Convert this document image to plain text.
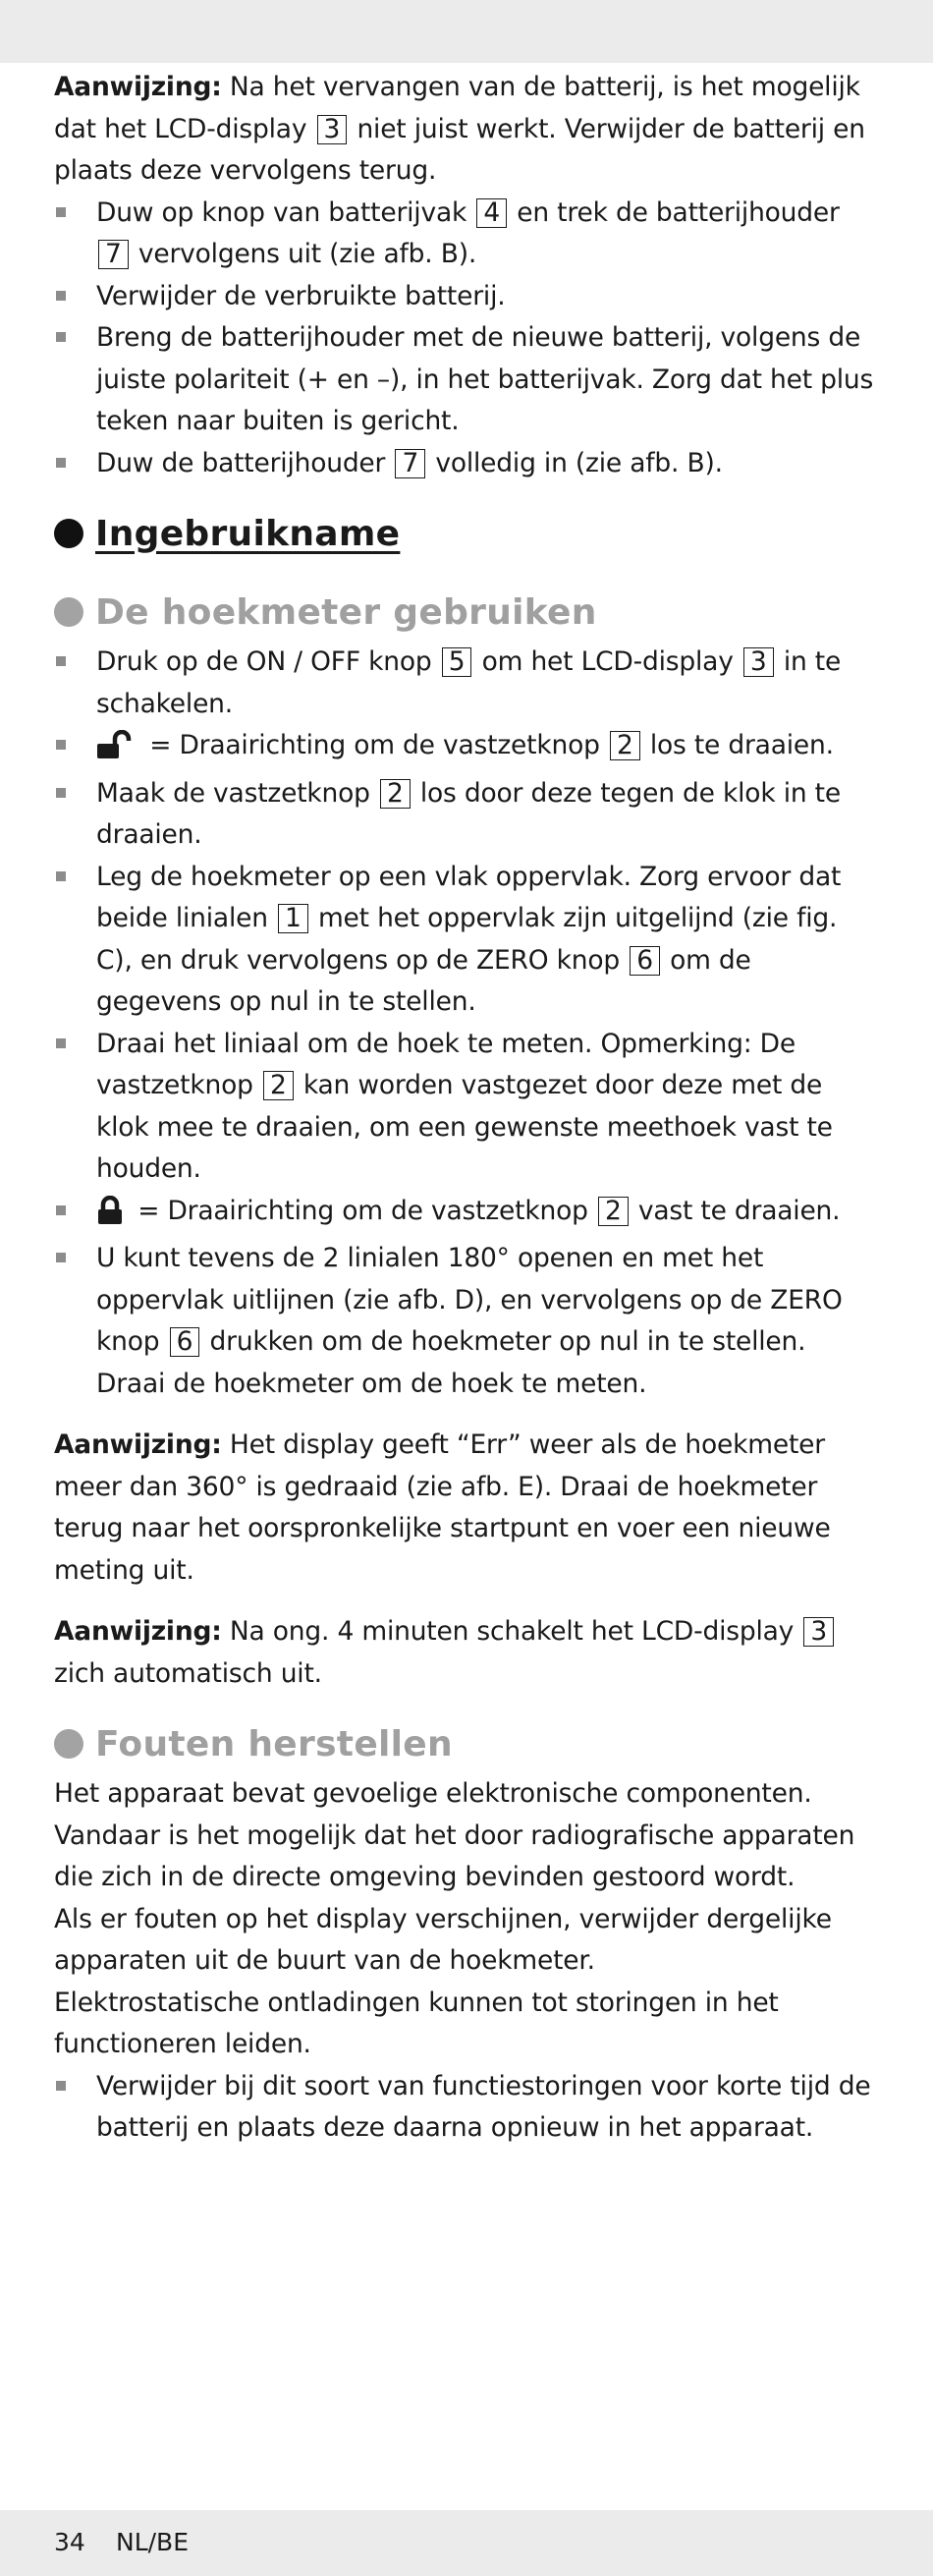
Aanwijzing: Na het vervangen van de batterij, is het mogelijk dat het LCD-display 3 niet juist werkt. Verwijder de batterij en plaats deze vervolgens terug.

Duw op knop van batterijvak 4 en trek de batterijhouder 7 vervolgens uit (zie afb. B).
Verwijder de verbruikte batterij.
Breng de batterijhouder met de nieuwe batterij, volgens de juiste polariteit (+ en –), in het batterijvak. Zorg dat het plus teken naar buiten is gericht.
Duw de batterijhouder 7 volledig in (zie afb. B).
Ingebruikname
De hoekmeter gebruiken
Druk op de ON / OFF knop 5 om het LCD-display 3 in te schakelen.
= Draairichting om de vastzetknop 2 los te draaien.
Maak de vastzetknop 2 los door deze tegen de klok in te draaien.
Leg de hoekmeter op een vlak oppervlak. Zorg ervoor dat beide linialen 1 met het oppervlak zijn uitgelijnd (zie fig. C), en druk vervolgens op de ZERO knop 6 om de gegevens op nul in te stellen.
Draai het liniaal om de hoek te meten. Opmerking: De vastzetknop 2 kan worden vastgezet door deze met de klok mee te draaien, om een gewenste meethoek vast te houden.
= Draairichting om de vastzetknop 2 vast te draaien.
U kunt tevens de 2 linialen 180° openen en met het oppervlak uitlijnen (zie afb. D), en vervolgens op de ZERO knop 6 drukken om de hoekmeter op nul in te stellen. Draai de hoekmeter om de hoek te meten.

Aanwijzing: Het display geeft “Err” weer als de hoekmeter meer dan 360° is gedraaid (zie afb. E). Draai de hoekmeter terug naar het oorspronkelijke startpunt en voer een nieuwe meting uit.

Aanwijzing: Na ong. 4 minuten schakelt het LCD-display 3 zich automatisch uit.

Fouten herstellen

Het apparaat bevat gevoelige elektronische componenten. Vandaar is het mogelijk dat het door radiografische apparaten die zich in de directe omgeving bevinden gestoord wordt.

Als er fouten op het display verschijnen, verwijder dergelijke apparaten uit de buurt van de hoekmeter.

Elektrostatische ontladingen kunnen tot storingen in het functioneren leiden.

Verwijder bij dit soort van functiestoringen voor korte tijd de batterij en plaats deze daarna opnieuw in het apparaat.
34 NL/BE
